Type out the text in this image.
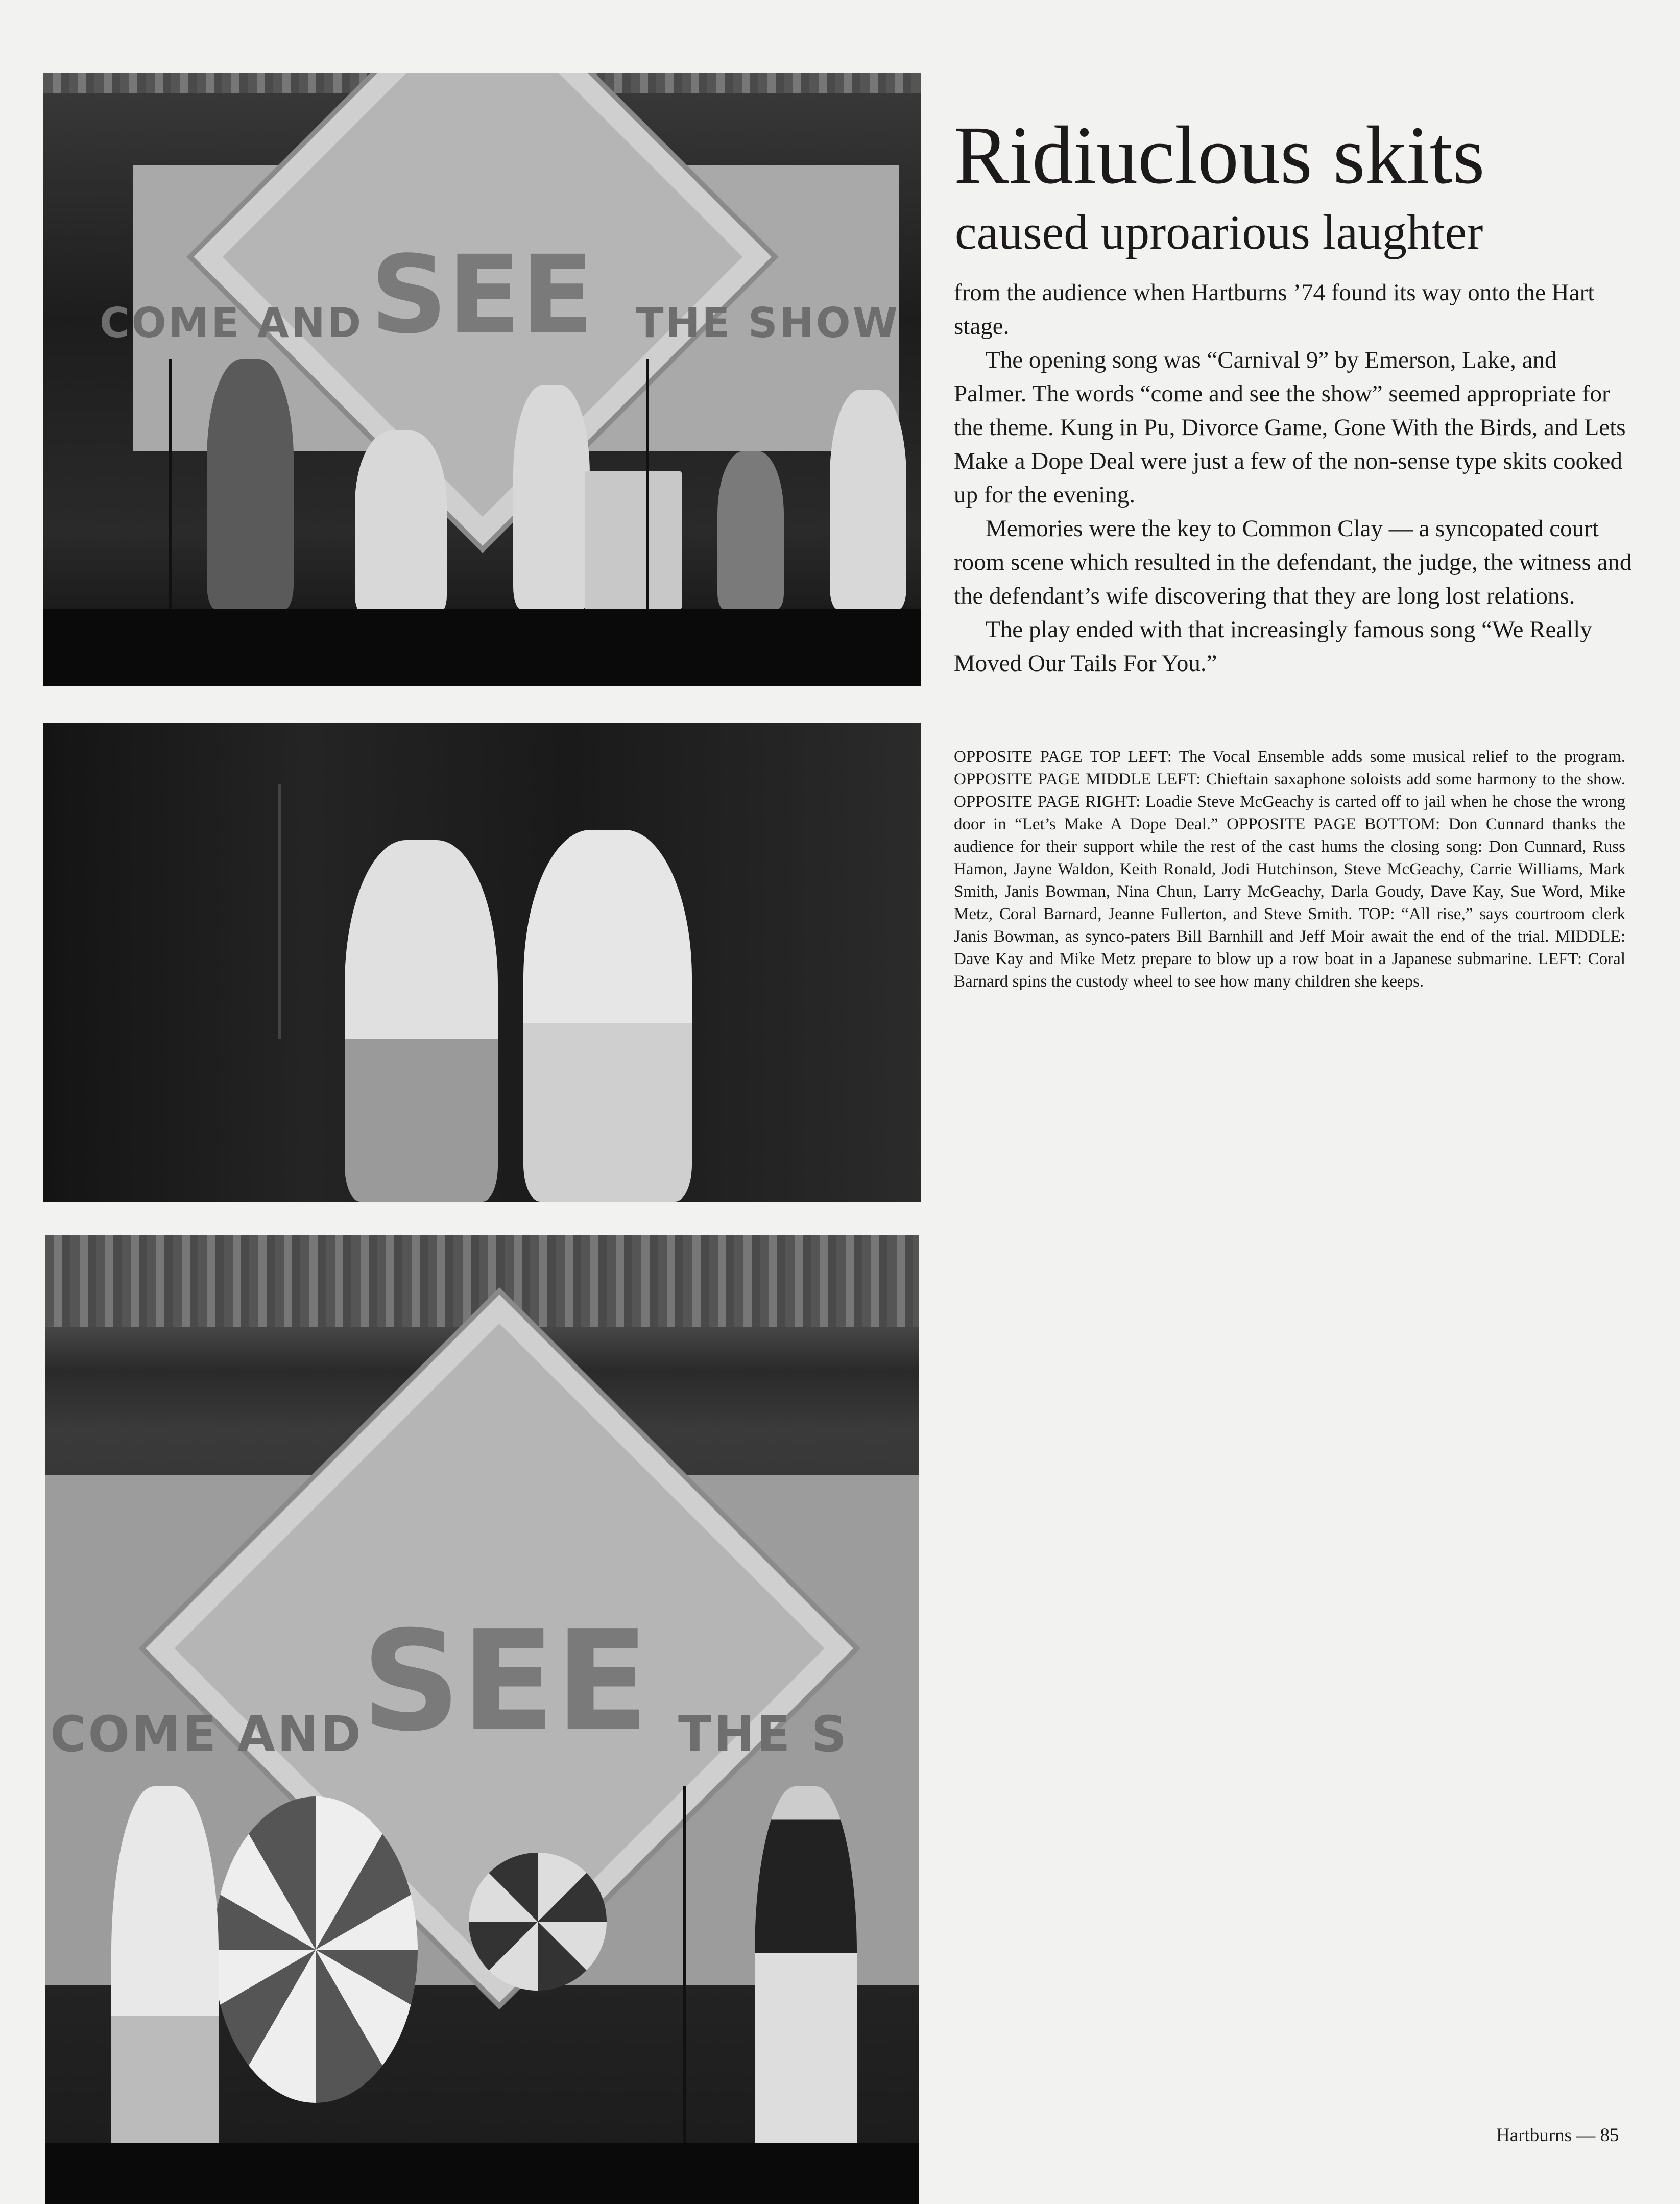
COME AND SEE THE SHOW
COME AND
SEE THE S
Ridiuclous skits
caused uproarious laughter

from the audience when Hartburns ’74 found its way onto the Hart stage.

The opening song was “Carnival 9” by Emerson, Lake, and Palmer. The words “come and see the show” seemed appropriate for the theme. Kung in Pu, Divorce Game, Gone With the Birds, and Lets Make a Dope Deal were just a few of the non-sense type skits cooked up for the evening.

Memories were the key to Common Clay — a syncopated court room scene which resulted in the defendant, the judge, the witness and the defendant’s wife discovering that they are long lost relations.

The play ended with that increasingly famous song “We Really Moved Our Tails For You.”

OPPOSITE PAGE TOP LEFT: The Vocal Ensemble adds some musical relief to the program. OPPOSITE PAGE MIDDLE LEFT: Chieftain saxaphone soloists add some harmony to the show. OPPOSITE PAGE RIGHT: Loadie Steve McGeachy is carted off to jail when he chose the wrong door in “Let’s Make A Dope Deal.” OPPOSITE PAGE BOTTOM: Don Cunnard thanks the audience for their support while the rest of the cast hums the closing song: Don Cunnard, Russ Hamon, Jayne Waldon, Keith Ronald, Jodi Hutchinson, Steve McGeachy, Carrie Williams, Mark Smith, Janis Bowman, Nina Chun, Larry McGeachy, Darla Goudy, Dave Kay, Sue Word, Mike Metz, Coral Barnard, Jeanne Fullerton, and Steve Smith. TOP: “All rise,” says courtroom clerk Janis Bowman, as synco-paters Bill Barnhill and Jeff Moir await the end of the trial. MIDDLE: Dave Kay and Mike Metz prepare to blow up a row boat in a Japanese submarine. LEFT: Coral Barnard spins the custody wheel to see how many children she keeps.
Hartburns — 85
